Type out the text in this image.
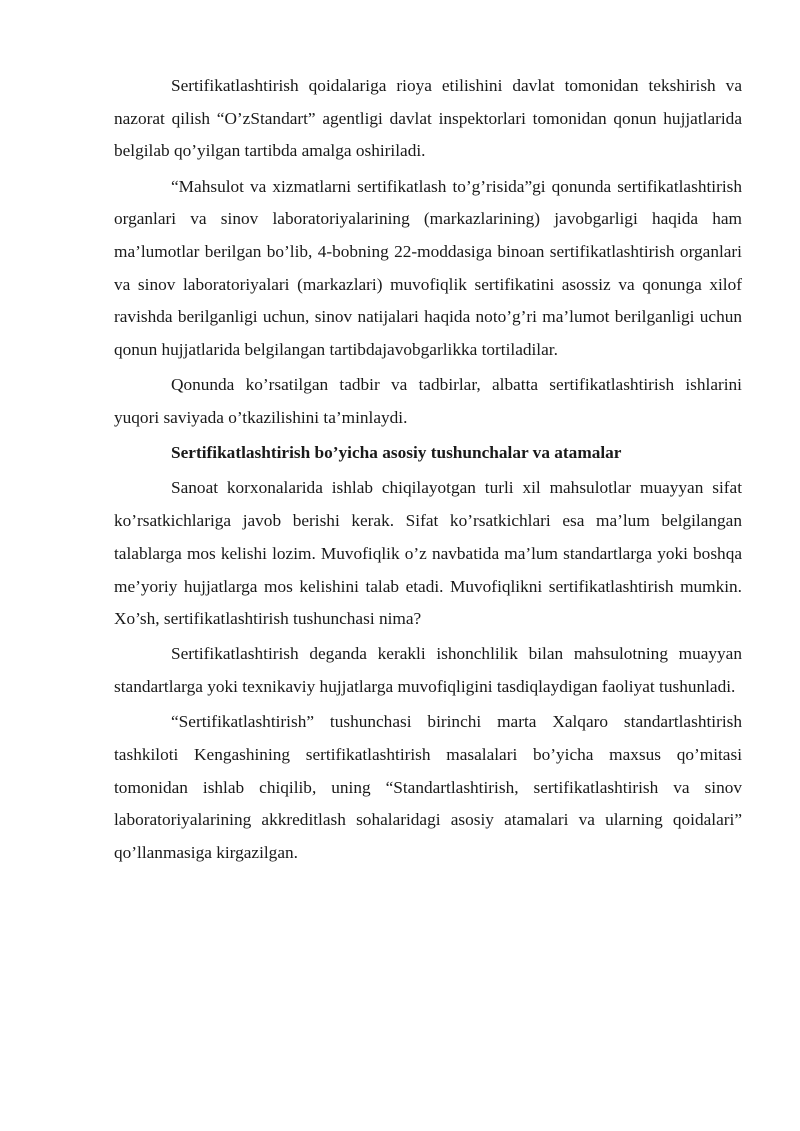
Sertifikatlashtirish qoidalariga rioya etilishini davlat tomonidan tekshirish va nazorat qilish “O’zStandart” agentligi davlat inspektorlari tomonidan qonun hujjatlarida belgilab qo’yilgan tartibda amalga oshiriladi.

“Mahsulot va xizmatlarni sertifikatlash to’g’risida”gi qonunda sertifikatlashtirish organlari va sinov laboratoriyalarining (markazlarining) javobgarligi haqida ham ma’lumotlar berilgan bo’lib, 4-bobning 22-moddasiga binoan sertifikatlashtirish organlari va sinov laboratoriyalari (markazlari) muvofiqlik sertifikatini asossiz va qonunga xilof ravishda berilganligi uchun, sinov natijalari haqida noto’g’ri ma’lumot berilganligi uchun qonun hujjatlarida belgilangan tartibdajavobgarlikka tortiladilar.

Qonunda ko’rsatilgan tadbir va tadbirlar, albatta sertifikatlashtirish ishlarini yuqori saviyada o’tkazilishini ta’minlaydi.

Sertifikatlashtirish bo’yicha asosiy tushunchalar va atamalar

Sanoat korxonalarida ishlab chiqilayotgan turli xil mahsulotlar muayyan sifat ko’rsatkichlariga javob berishi kerak. Sifat ko’rsatkichlari esa ma’lum belgilangan talablarga mos kelishi lozim. Muvofiqlik o’z navbatida ma’lum standartlarga yoki boshqa me’yoriy hujjatlarga mos kelishini talab etadi. Muvofiqlikni sertifikatlashtirish mumkin. Xo’sh, sertifikatlashtirish tushunchasi nima?

Sertifikatlashtirish deganda kerakli ishonchlilik bilan mahsulotning muayyan standartlarga yoki texnikaviy hujjatlarga muvofiqligini tasdiqlaydigan faoliyat tushunladi.

“Sertifikatlashtirish” tushunchasi birinchi marta Xalqaro standartlashtirish tashkiloti Kengashining sertifikatlashtirish masalalari bo’yicha maxsus qo’mitasi tomonidan ishlab chiqilib, uning “Standartlashtirish, sertifikatlashtirish va sinov laboratoriyalarining akkreditlash sohalaridagi asosiy atamalari va ularning qoidalari” qo’llanmasiga kirgazilgan.
